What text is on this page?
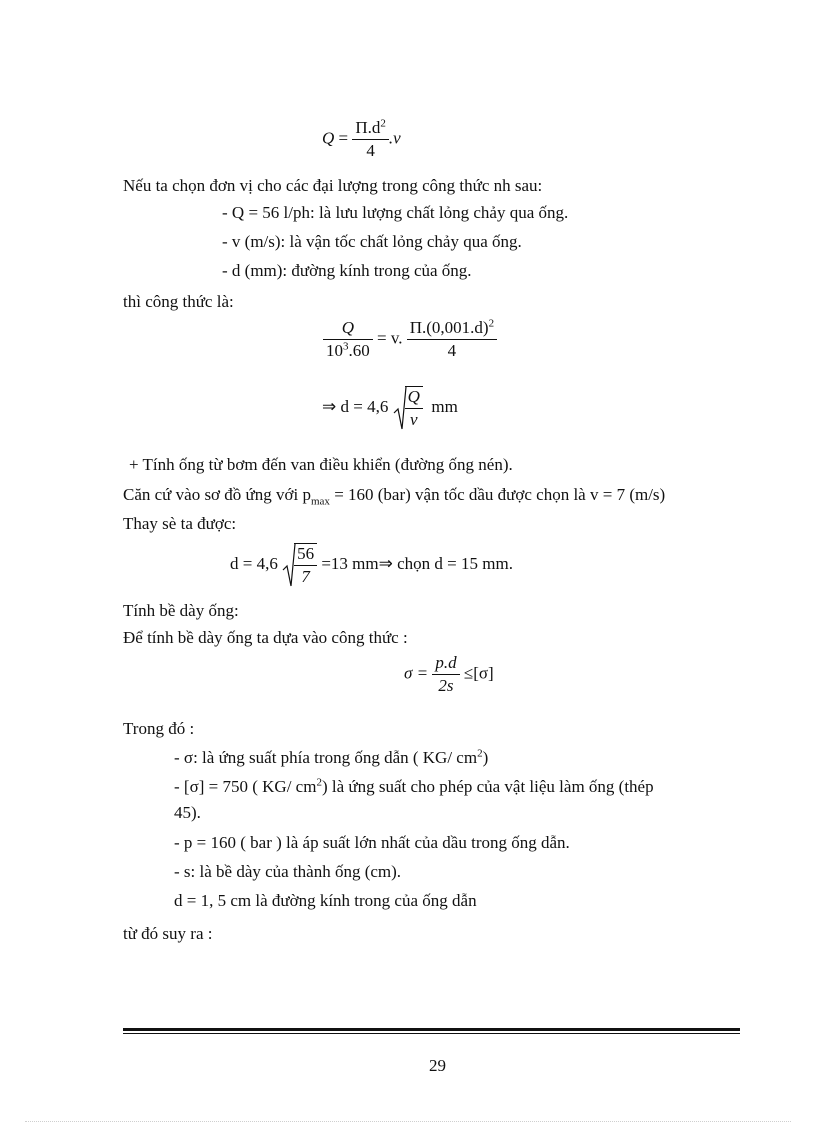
$Q = \frac{\Pi.d^2}{4} .v$
Nếu ta chọn đơn vị cho các đại lượng trong công thức nh sau:
- Q = 56 l/ph: là lưu lượng chất lỏng chảy qua ống.
- v (m/s): là vận tốc chất lỏng chảy qua ống.
- d (mm): đường kính trong của ống.
thì công thức là:
$\frac{Q}{10^3.60} = v$. $\frac{\Pi.(0,001.d)^2}{4}$
⇒ $d = 4,6 \frac{Q}{v}$ mm
+ Tính ống từ bơm đến van điều khiển (đường ống nén).
Căn cứ vào sơ đồ ứng với $p_{max} = 160$ (bar) vận tốc dầu được chọn là v = 7 (m/s)
Thay sè ta được:
$d = 4,6 \frac{56}{7} =13$ mm⇒ chọn d = 15 mm.
Tính bề dày ống:
Để tính bề dày ống ta dựa vào công thức :
$\sigma = \frac{p.d}{2s} \le[\sigma]$
Trong đó :
- σ: là ứng suất phía trong ống dẫn ( KG/ $cm^2$)
- [σ] = 750 ( KG/ $cm^2$) là ứng suất cho phép của vật liệu làm ống (thép
45).
- p = 160 ( bar ) là áp suất lớn nhất của dầu trong ống dẫn.
- s: là bề dày của thành ống (cm).
d = 1, 5 cm là đường kính trong của ống dẫn
từ đó suy ra :
29
